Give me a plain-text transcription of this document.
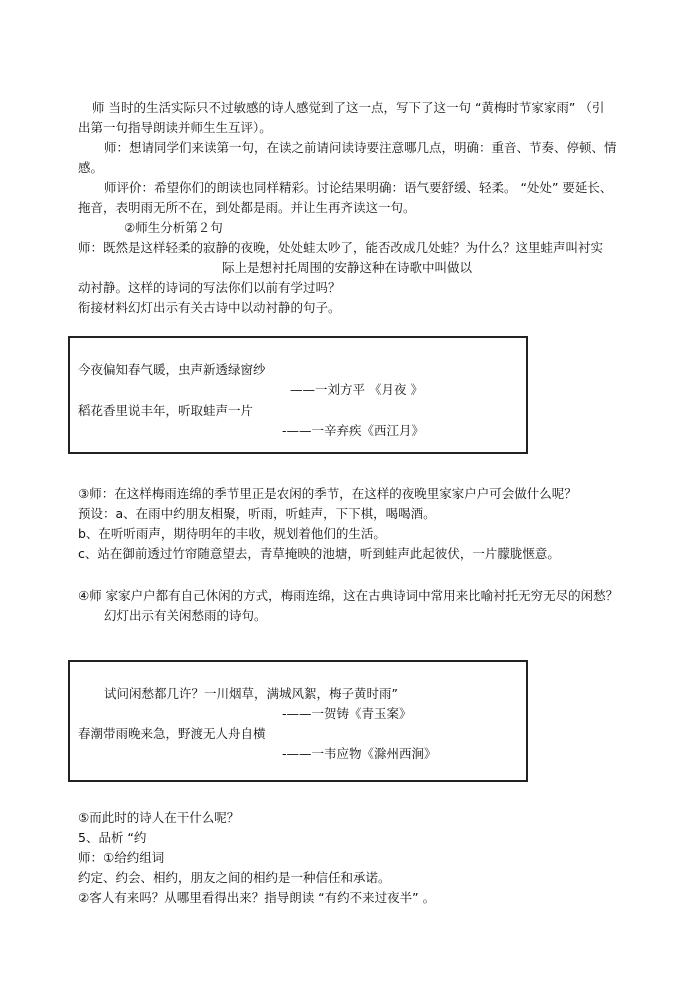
师 当时的生活实际只不过敏感的诗人感觉到了这一点，写下了这一句 “黄梅时节家家雨” （引
出第一句指导朗读并师生生互评）。
师：想请同学们来读第一句，在读之前请问读诗要注意哪几点，明确：重音、节奏、停顿、情
感。
师评价：希望你们的朗读也同样精彩。讨论结果明确：语气要舒缓、轻柔。 “处处” 要延长、
拖音，表明雨无所不在，到处都是雨。并让生再齐读这一句。
②师生分析第２句
师：既然是这样轻柔的寂静的夜晚，处处蛙太吵了，能否改成几处蛙？为什么？这里蛙声叫衬实
际上是想衬托周围的安静这种在诗歌中叫做以
动衬静。这样的诗词的写法你们以前有学过吗？
衔接材料幻灯出示有关古诗中以动衬静的句子。
今夜偏知春气暖，虫声新透绿窗纱
——一刘方平 《月夜 》
稻花香里说丰年，听取蛙声一片
-——一辛弃疾《西江月》
③师：在这样梅雨连绵的季节里正是农闲的季节，在这样的夜晚里家家户户可会做什么呢？
预设：a、在雨中约朋友相聚，听雨，听蛙声，下下棋，喝喝酒。
b、在听听雨声，期待明年的丰收，规划着他们的生活。
c、站在御前透过竹帘随意望去，青草掩映的池塘，听到蛙声此起彼伏，一片朦胧惬意。
④师 家家户户都有自己休闲的方式，梅雨连绵，这在古典诗词中常用来比喻衬托无穷无尽的闲愁？
幻灯出示有关闲愁雨的诗句。
试问闲愁都几许？一川烟草，满城风絮，梅子黄时雨”
-——一贺铸《青玉案》
春潮带雨晚来急，野渡无人舟自横
-——一韦应物《滁州西涧》
⑤而此时的诗人在干什么呢？
5、品析 “约
师：①给约组词
约定、约会、相约，朋友之间的相约是一种信任和承诺。
②客人有来吗？从哪里看得出来？指导朗读 “有约不来过夜半” 。
